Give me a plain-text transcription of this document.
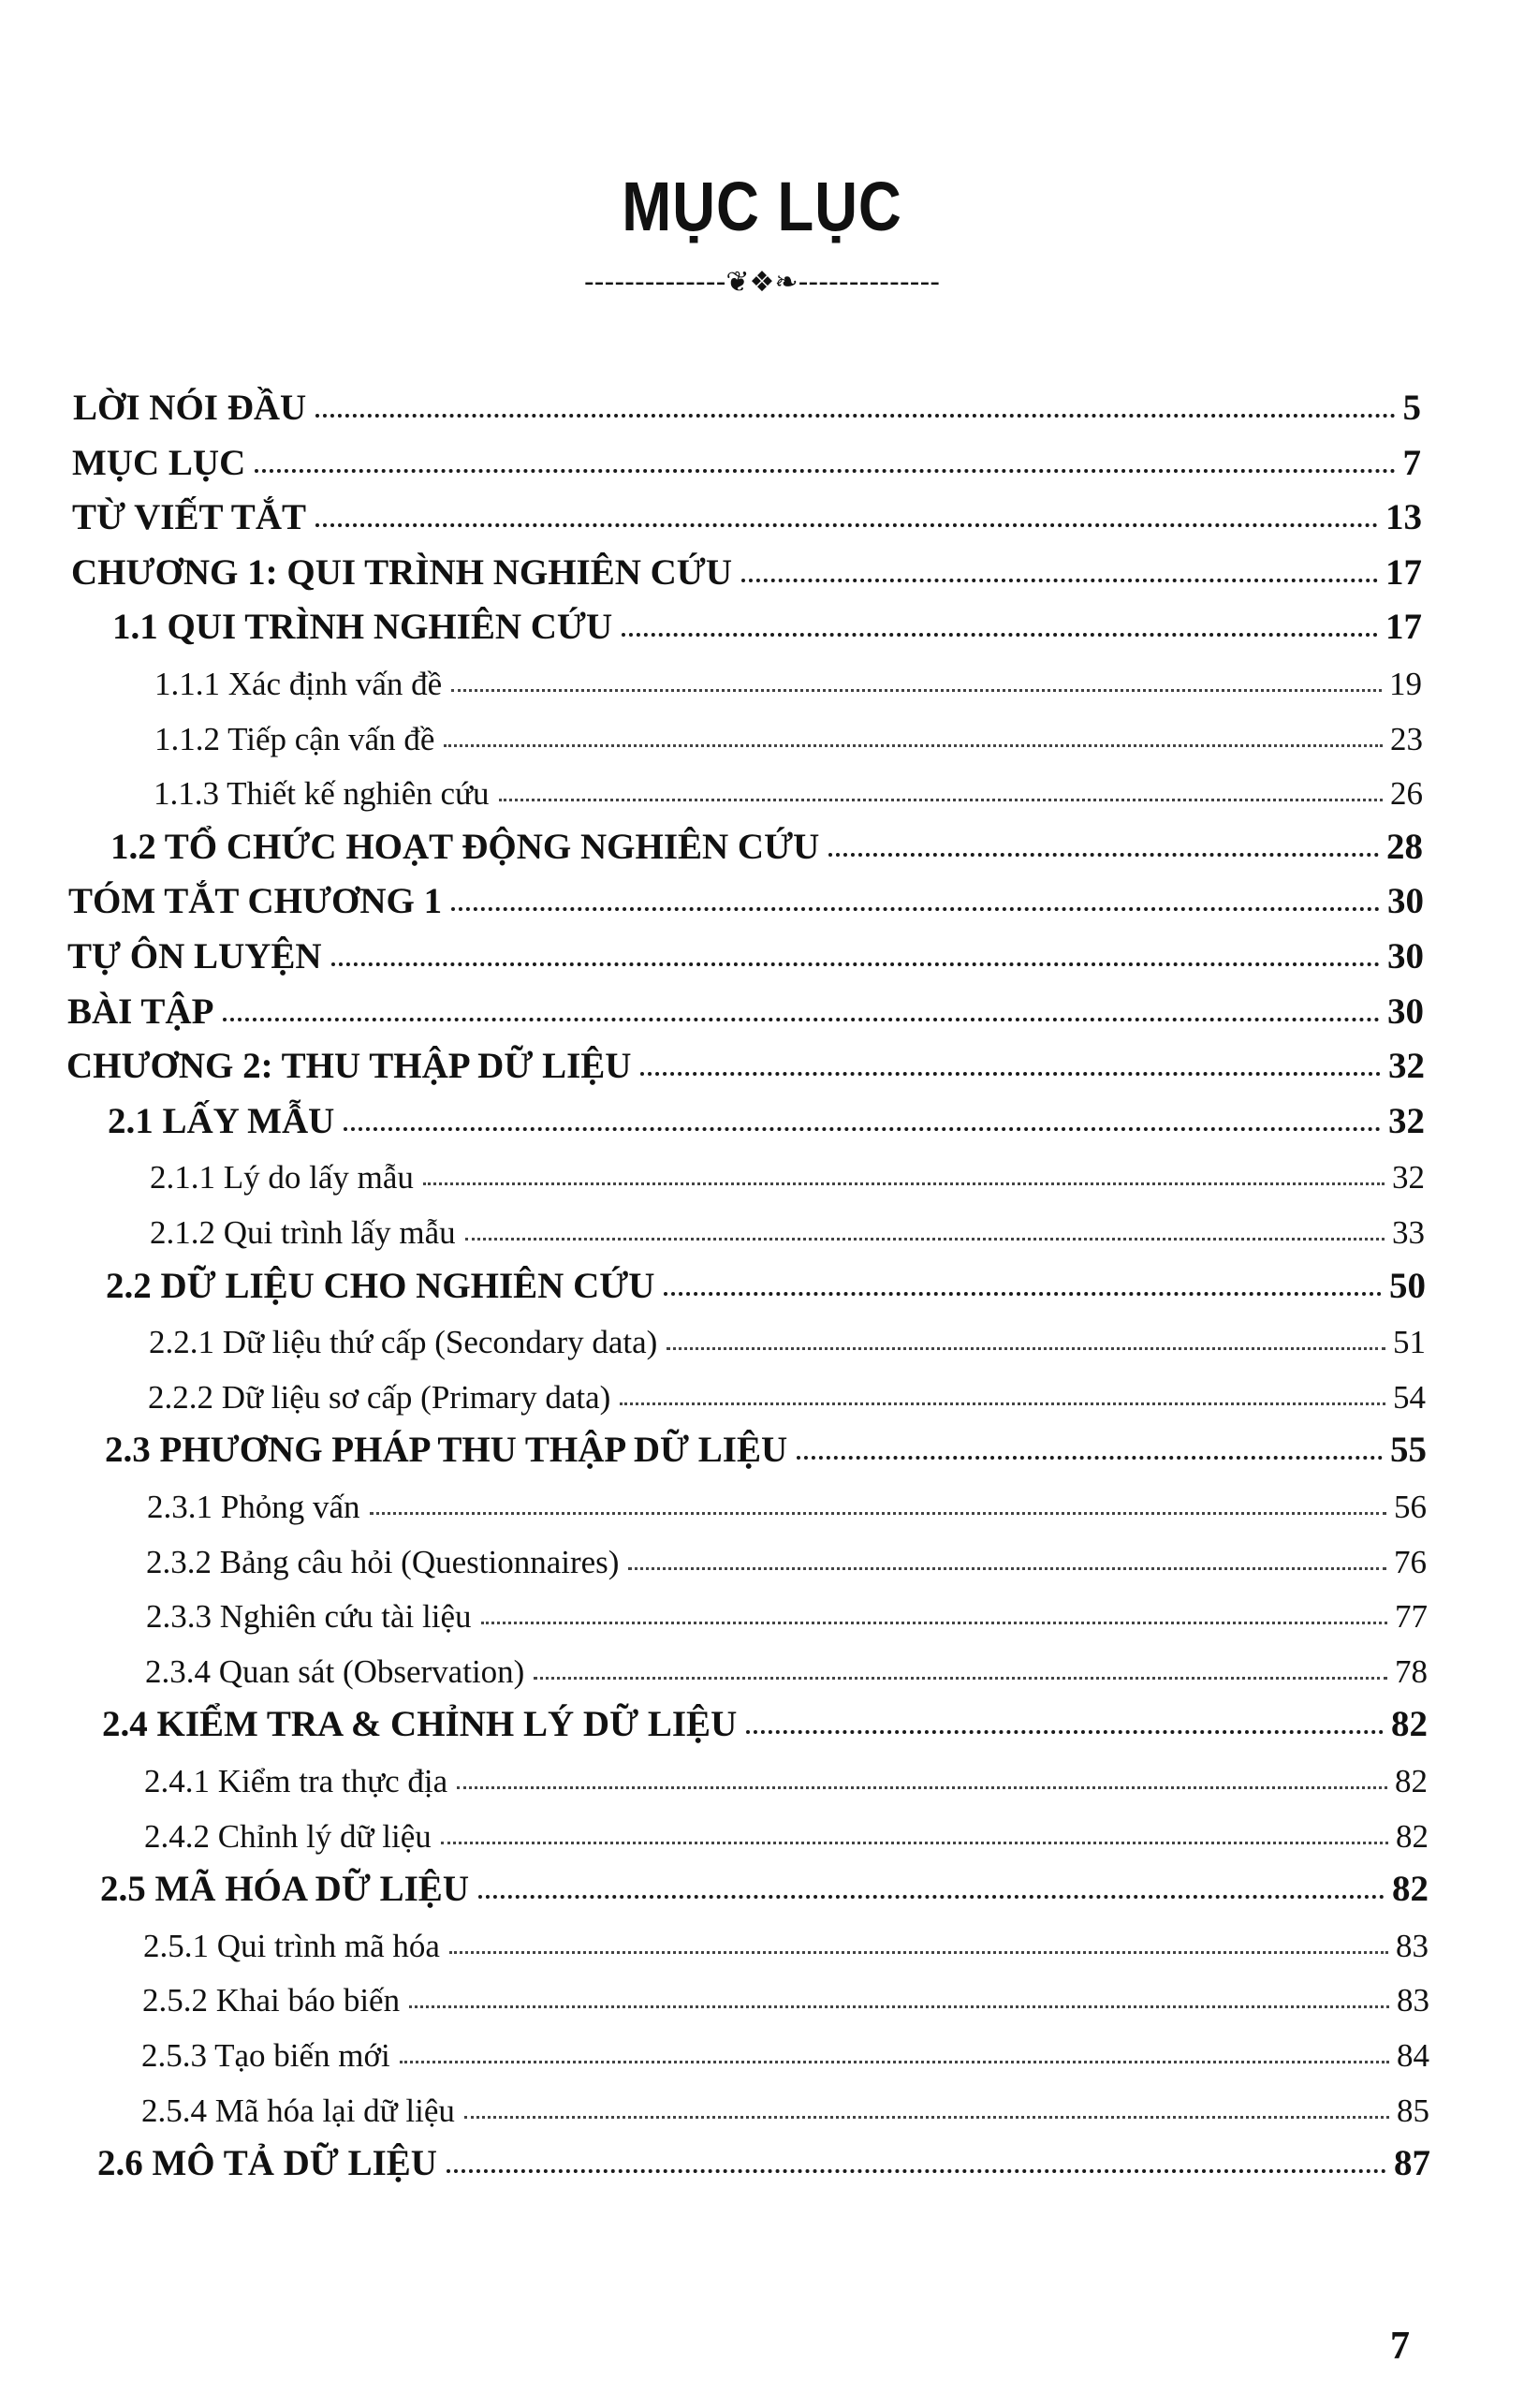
MỤC LỤC
--------------❦❖❧--------------
LỜI NÓI ĐẦU	5
MỤC LỤC	7
TỪ VIẾT TẮT	13
CHƯƠNG 1: QUI TRÌNH NGHIÊN CỨU	17
1.1 QUI TRÌNH NGHIÊN CỨU	17
1.1.1 Xác định vấn đề	19
1.1.2 Tiếp cận vấn đề	23
1.1.3 Thiết kế nghiên cứu	26
1.2 TỔ CHỨC HOẠT ĐỘNG NGHIÊN CỨU	28
TÓM TẮT CHƯƠNG 1	30
TỰ ÔN LUYỆN	30
BÀI TẬP	30
CHƯƠNG 2: THU THẬP DỮ LIỆU	32
2.1 LẤY MẪU	32
2.1.1 Lý do lấy mẫu	32
2.1.2 Qui trình lấy mẫu	33
2.2 DỮ LIỆU CHO NGHIÊN CỨU	50
2.2.1 Dữ liệu thứ cấp (Secondary data)	51
2.2.2 Dữ liệu sơ cấp (Primary data)	54
2.3 PHƯƠNG PHÁP THU THẬP DỮ LIỆU	55
2.3.1 Phỏng vấn	56
2.3.2 Bảng câu hỏi (Questionnaires)	76
2.3.3 Nghiên cứu tài liệu	77
2.3.4 Quan sát (Observation)	78
2.4 KIỂM TRA & CHỈNH LÝ DỮ LIỆU	82
2.4.1 Kiểm tra thực địa	82
2.4.2 Chỉnh lý dữ liệu	82
2.5 MÃ HÓA DỮ LIỆU	82
2.5.1 Qui trình mã hóa	83
2.5.2 Khai báo biến	83
2.5.3 Tạo biến mới	84
2.5.4 Mã hóa lại dữ liệu	85
2.6 MÔ TẢ DỮ LIỆU	87
7
